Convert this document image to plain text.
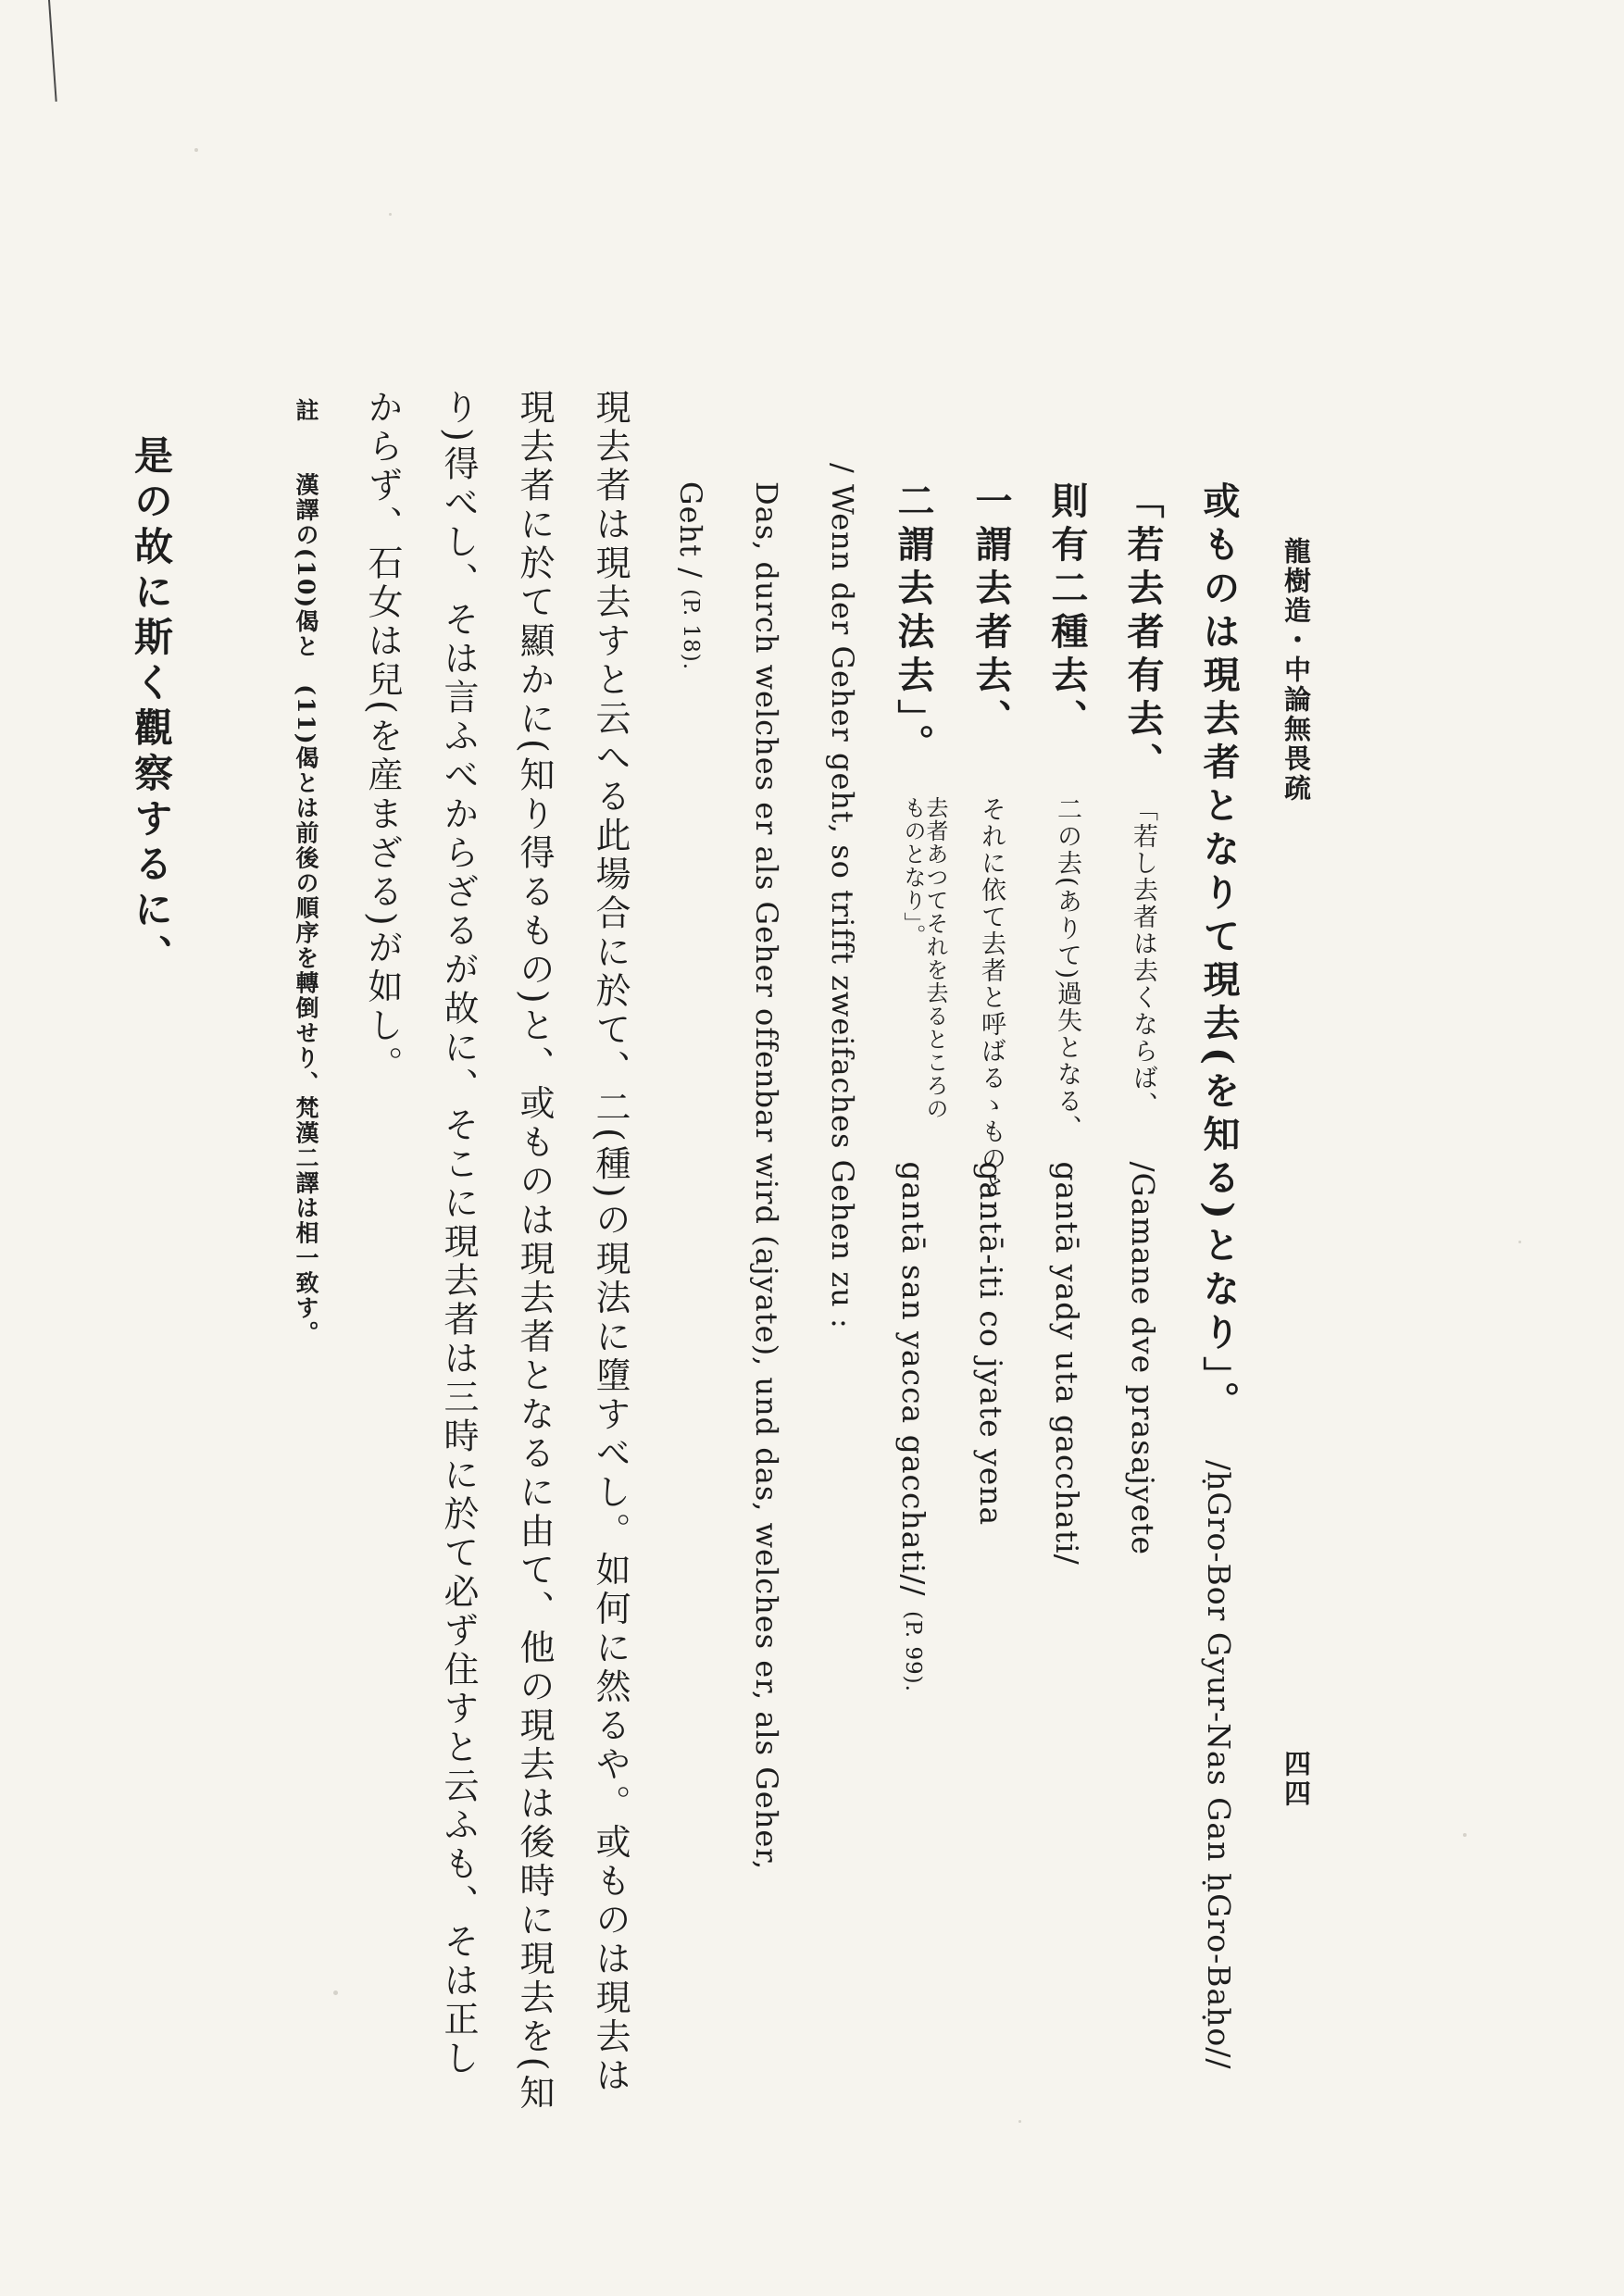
龍樹造・中論無畏疏
四四
或ものは現去者となりて現去(を知る)となり」。 /ḥGro-Bor Gyur-Nas Gan ḥGro-Baḥo//
「若去者有去、 「若し去者は去くならば、 /Gamane dve prasajyete
則有二種去、 二の去(ありて)過失となる、 gantā yady uta gacchati/
一謂去者去、 それに依て去者と呼ばるゝものと gantā-iti co jyate yena
二謂去法去」。 去者あつてそれを去るところの
ものとなり」。 gantā san yacca gacchati//(P. 99).
/ Wenn der Geher geht, so trifft zweifaches Gehen zu :
Das, durch welches er als Geher offenbar wird (ajyate), und das, welches er, als Geher,
Geht / (P. 18).
現去者は現去すと云へる此場合に於て、二(種)の現法に墮すべし。如何に然るや。或ものは現去は
現去者に於て顯かに(知り得るもの)と、或ものは現去者となるに由て、他の現去は後時に現去を(知
り)得べし、そは言ふべからざるが故に、そこに現去者は三時に於て必ず住すと云ふも、そは正し
からず、石女は兒(を産まざる)が如し。
註 漢譯の(10)偈と　(11)偈とは前後の順序を轉倒せり、梵漢二譯は相一致す。
是の故に斯く觀察するに、
